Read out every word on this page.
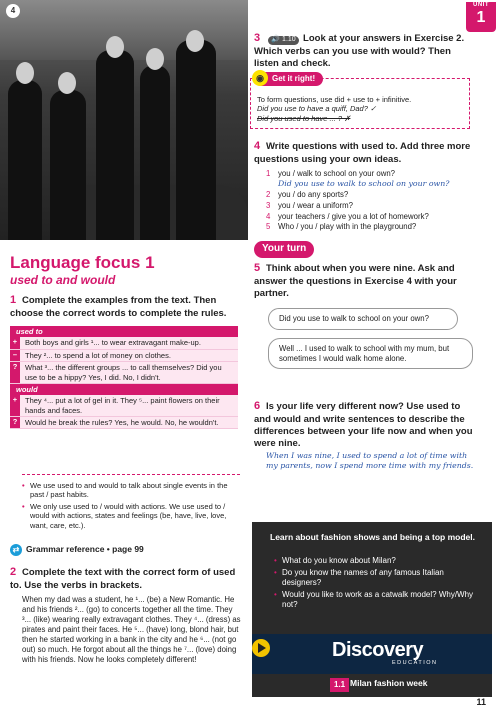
4
UNIT
1
3 🔊 1.10 Look at your answers in Exercise 2. Which verbs can you use with would? Then listen and check.
To form questions, use did + use to + infinitive.
Did you use to have a quiff, Dad? ✓
Did you used to have ... ? ✗
Get it right!
◉
4 Write questions with used to. Add three more questions using your own ideas.
1 you / walk to school on your own?
Did you use to walk to school on your own?
2 you / do any sports?
3 you / wear a uniform?
4 your teachers / give you a lot of homework?
5 Who / you / play with in the playground?
Your turn
5 Think about when you were nine. Ask and answer the questions in Exercise 4 with your partner.
Did you use to walk to school on your own?
Well ... I used to walk to school with my mum, but sometimes I would walk home alone.
6 Is your life very different now? Use used to and would and write sentences to describe the differences between your life now and when you were nine.
When I was nine, I used to spend a lot of time with my parents, now I spend more time with my friends.
Language focus 1
used to and would
1 Complete the examples from the text. Then choose the correct words to complete the rules.
used to
+	Both boys and girls ¹... to wear extravagant make-up.
–	They ²... to spend a lot of money on clothes.
?	What ³... the different groups ... to call themselves? Did you use to be a hippy? Yes, I did. No, I didn't.
would
+	They ⁴... put a lot of gel in it. They ⁵... paint flowers on their hands and faces.
?	Would he break the rules? Yes, he would. No, he wouldn't.
• We use used to and would to talk about single events in the past / past habits.
• We only use used to / would with actions. We use used to / would with actions, states and feelings (be, have, live, love, want, care, etc.).
⇄ Grammar reference • page 99
2 Complete the text with the correct form of used to. Use the verbs in brackets.
When my dad was a student, he ¹... (be) a New Romantic. He and his friends ²... (go) to concerts together all the time. They ³... (like) wearing really extravagant clothes. They ⁴... (dress) as pirates and paint their faces. He ⁵... (have) long, blond hair, but then he started working in a bank in the city and he ⁶... (not go out) so much. He forgot about all the things he ⁷... (love) doing with his friends. Now he looks completely different!
Learn about fashion shows and being a top model.
• What do you know about Milan?
• Do you know the names of any famous Italian designers?
• Would you like to work as a catwalk model? Why/Why not?
Discovery
EDUCATION
1.1 Milan fashion week
11
